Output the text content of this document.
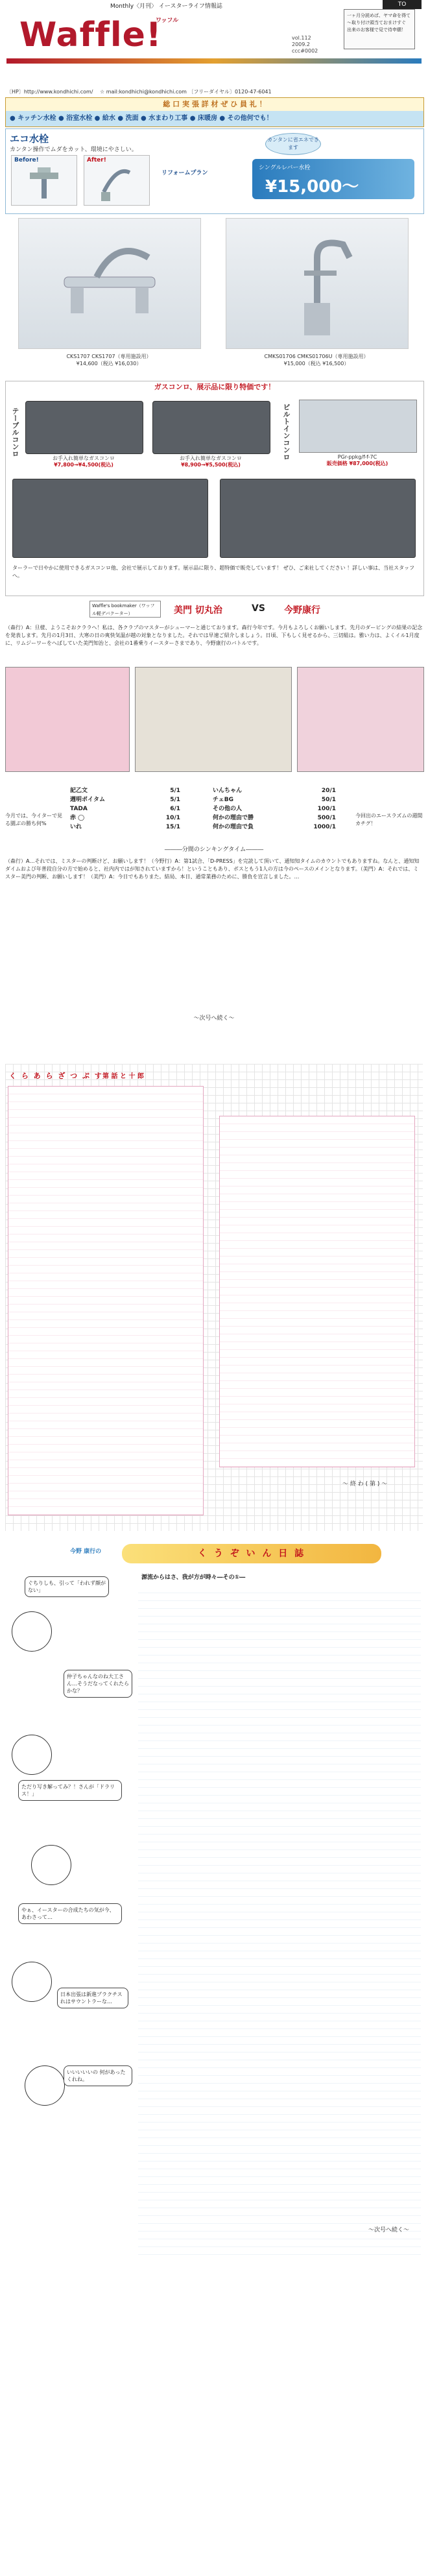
Monthly〈月刊〉 イースターライフ情報誌	TO
Waffle!
ワッフル
vol.112
2009.2
ccc#0002
一ヶ月分読めば、ヤマ命を得て
～取り付け頭当ておまけすぐ
出来のお客様で見で待申願！
〔HP〕http://www.kondhichi.com/　 ☆ mail:kondhichi@kondhichi.com 〔フリーダイヤル〕0120-47-6041
総 口 実 張 詳 材 ぜ ひ 員 礼 ！
● キッチン水栓 ● 浴室水栓 ● 給水 ● 洗面 ● 水まわり工事 ● 床暖房 ● その他何でも！
エコ水栓
カンタン操作でムダをカット、環境にやさしい。
Before!	After!
カンタンに省エネできます
シングルレバー水栓
¥15,000～
リフォームプラン
CKS1707 CKS1707（専用施設用）
¥14,600（税込 ¥16,030）
CMKS01706 CMKS01706U（専用施設用）
¥15,000（税込 ¥16,500）
ガスコンロ、展示品に限り特価です！
テーブルコンロ	ビルトインコンロ
お手入れ簡単なガスコンロ
¥7,800→¥4,500(税込)
お手入れ簡単なガスコンロ
¥8,900→¥5,500(税込)
PGr-ppkg/f-f-7C
販売価格 ¥87,000(税込)
ターラーで日やかに使用できるガスコンロ他、会社で展示しております。展示品に限り、超特価で販売しています！ ぜひ、ご来社してください ！詳しい事は、当社スタッフへ。
Waffle's bookmaker（ワッフル軽デバクーター）	美門 切丸治	VS 今野康行
（森行）A：旦様、ようこそおクララへ！私は、各クラブのマスターがシューマーと通じております。森行今年です。今月もよろしくお願いします。先月のダービングの結果の記念を発表します。先月の1月3日、大寒の日の爽快気温が越の対象となりました。それでは早速ご紹介しましょう。日頃、下もしく見せるから、三切組は。雅い力は、よくイル1月度に、リムジーワーをへばしていた美門知治と、会社の1番乗りイースターさまであり、今野康行のバトルです。
記乙文	5/1
週明ポイタム	5/1
TADA	6/1
赤 ◯	10/1
いれ	15/1
いんちゃん	20/1
チェBG	50/1
その他の人	100/1
何かの理由で勝	500/1
何かの理由で負	1000/1
今月では、今イターで見る園ぶの勝ち何%
今回出のエースラズムの週間カチグ！
―――分間のシンキングタイム―――
（森行）A…それでは、ミスターの判断けど、お願いします！（今野行）A：第1試合、「D-PRESS」を完読して頂いて、通知知タイムのカウントでもありますね。なんと、通知知ダイムおよび年普段自分の方で始めると、社内内ではが知されていますから！ということもあり、ボスともう1人の方は今のペースのメインとなります。（美門）A：それでは、ミスター美門の判断、お願いします！（美門）A：今日でもありまた。結局、本日、通常業務のために、勝負を宣言しました。…
～次号へ続く～
く ら あ ら ざ つ ぷ す 第 話 と 十 郎
～ 終 わ ( 第 ) ～
今野 康行の	く う ぞ い ん 日 誌
源流からはさ、我が方が時々―その①―
ぐちりしも、引って「われず顔がない」
仲子ちゃんなのね大工さん…そうだなってくれたらかな？
ただり写き解ってみ？！さんが「ドラリス！」
やぁ、イースターの合成たちの気が今、あわさって…
日本出張は新進プラクチスれはサウントラーな…
いいいいいの 何があったくれね。
～次号へ続く～
